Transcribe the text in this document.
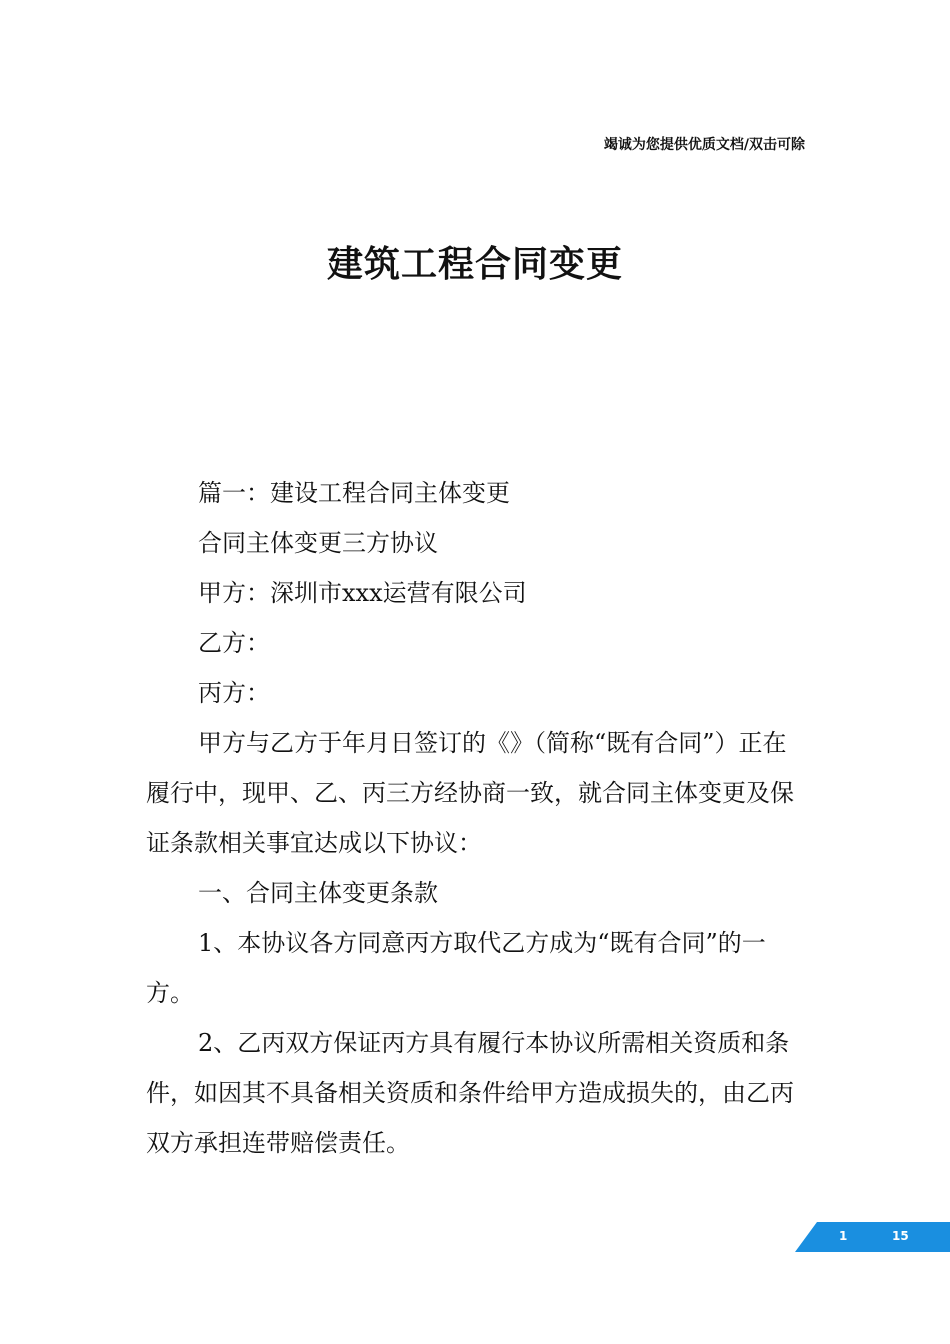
竭诚为您提供优质文档/双击可除
建筑工程合同变更

篇一：建设工程合同主体变更

合同主体变更三方协议

甲方：深圳市xxx运营有限公司

乙方：

丙方：

甲方与乙方于年月日签订的《》（简称“既有合同”）正在履行中，现甲、乙、丙三方经协商一致，就合同主体变更及保证条款相关事宜达成以下协议：

一、合同主体变更条款

1、本协议各方同意丙方取代乙方成为“既有合同”的一方。

2、乙丙双方保证丙方具有履行本协议所需相关资质和条件，如因其不具备相关资质和条件给甲方造成损失的，由乙丙双方承担连带赔偿责任。

1	15
